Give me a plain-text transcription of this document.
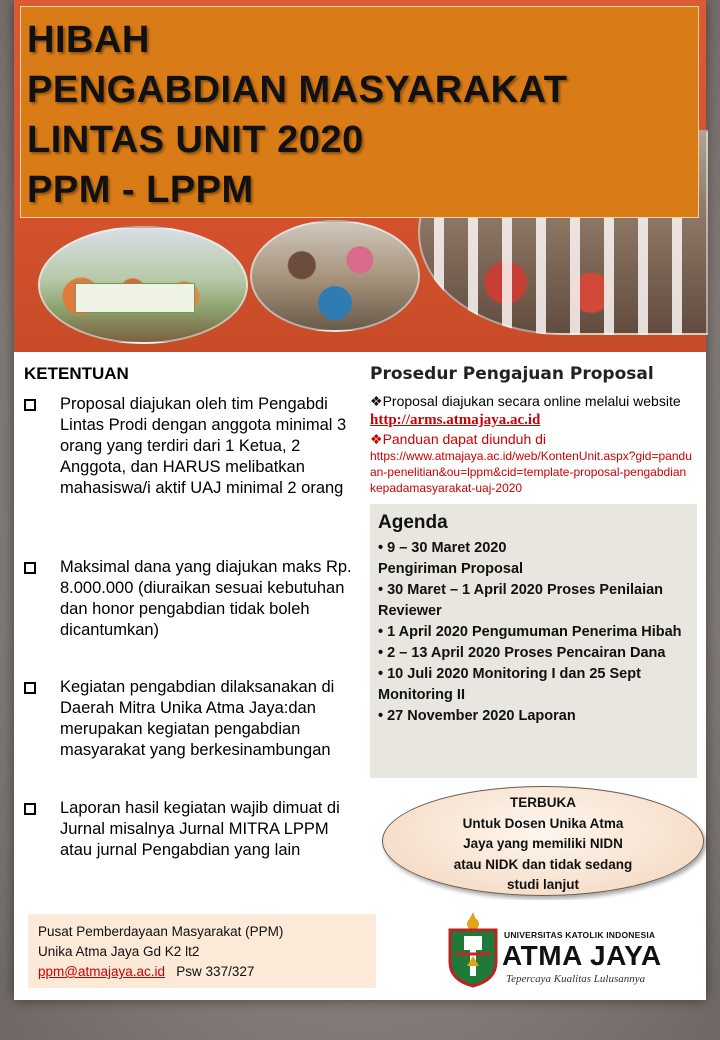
HIBAH
PENGABDIAN MASYARAKAT
LINTAS UNIT 2020
PPM - LPPM
KETENTUAN
Proposal diajukan oleh tim Pengabdi Lintas Prodi dengan anggota minimal 3 orang yang terdiri dari 1 Ketua, 2 Anggota, dan HARUS melibatkan mahasiswa/i aktif UAJ minimal 2 orang
Maksimal dana yang diajukan maks Rp. 8.000.000 (diuraikan sesuai kebutuhan dan honor pengabdian tidak boleh dicantumkan)
Kegiatan pengabdian dilaksanakan di Daerah Mitra Unika Atma Jaya:dan merupakan kegiatan pengabdian masyarakat yang berkesinambungan
Laporan hasil kegiatan wajib dimuat di Jurnal misalnya Jurnal MITRA LPPM atau jurnal Pengabdian yang lain
Pusat Pemberdayaan Masyarakat (PPM)
Unika Atma Jaya Gd K2 lt2
ppm@atmajaya.ac.id Psw 337/327
Prosedur Pengajuan Proposal
❖Proposal diajukan secara online melalui website http://arms.atmajaya.ac.id
❖Panduan dapat diunduh di
https://www.atmajaya.ac.id/web/KontenUnit.aspx?gid=panduan-penelitian&ou=lppm&cid=template-proposal-pengabdiankepadamasyarakat-uaj-2020
Agenda
• 9 – 30 Maret 2020
Pengiriman Proposal
• 30 Maret – 1 April 2020 Proses Penilaian Reviewer
• 1 April 2020 Pengumuman Penerima Hibah
• 2 – 13 April 2020 Proses Pencairan Dana
• 10 Juli 2020 Monitoring I dan 25 Sept Monitoring II
• 27 November 2020 Laporan
TERBUKA
Untuk Dosen Unika Atma
Jaya yang memiliki NIDN
atau NIDK dan tidak sedang
studi lanjut
UNIVERSITAS KATOLIK INDONESIA
ATMA JAYA
Tepercaya Kualitas Lulusannya
